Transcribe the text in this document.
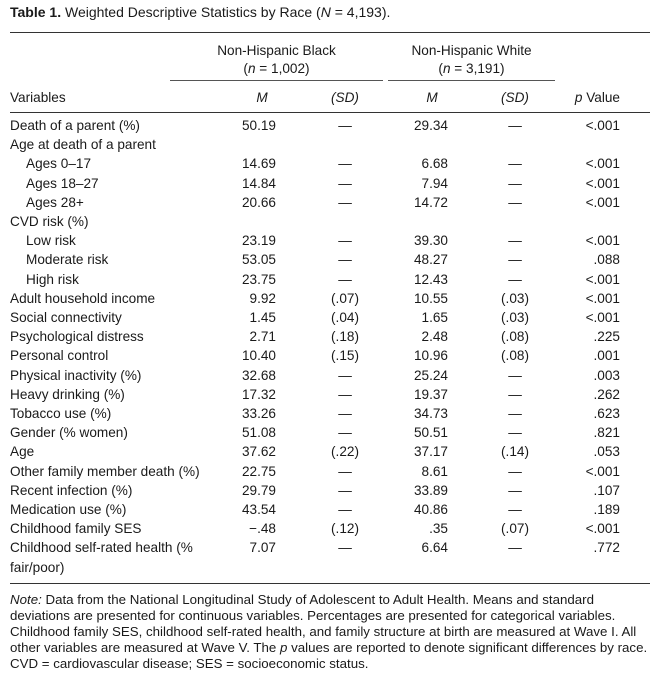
Table 1. Weighted Descriptive Statistics by Race (N = 4,193).
Non-Hispanic Black
(n = 1,002)
Non-Hispanic White
(n = 3,191)
Variables	M	(SD)	M	(SD)	p Value
Death of a parent (%)	50.19	—	29.34	—	<.001
Age at death of a parent
Ages 0–17	14.69	—	6.68	—	<.001
Ages 18–27	14.84	—	7.94	—	<.001
Ages 28+	20.66	—	14.72	—	<.001
CVD risk (%)
Low risk	23.19	—	39.30	—	<.001
Moderate risk	53.05	—	48.27	—	.088
High risk	23.75	—	12.43	—	<.001
Adult household income	9.92	(.07)	10.55	(.03)	<.001
Social connectivity	1.45	(.04)	1.65	(.03)	<.001
Psychological distress	2.71	(.18)	2.48	(.08)	.225
Personal control	10.40	(.15)	10.96	(.08)	.001
Physical inactivity (%)	32.68	—	25.24	—	.003
Heavy drinking (%)	17.32	—	19.37	—	.262
Tobacco use (%)	33.26	—	34.73	—	.623
Gender (% women)	51.08	—	50.51	—	.821
Age	37.62	(.22)	37.17	(.14)	.053
Other family member death (%)	22.75	—	8.61	—	<.001
Recent infection (%)	29.79	—	33.89	—	.107
Medication use (%)	43.54	—	40.86	—	.189
Childhood family SES	−.48	(.12)	.35	(.07)	<.001
Childhood self-rated health (%	7.07	—	6.64	—	.772
fair/poor)
Note: Data from the National Longitudinal Study of Adolescent to Adult Health. Means and standard deviations are presented for continuous variables. Percentages are presented for categorical variables. Childhood family SES, childhood self-rated health, and family structure at birth are measured at Wave I. All other variables are measured at Wave V. The p values are reported to denote significant differences by race. CVD = cardiovascular disease; SES = socioeconomic status.
